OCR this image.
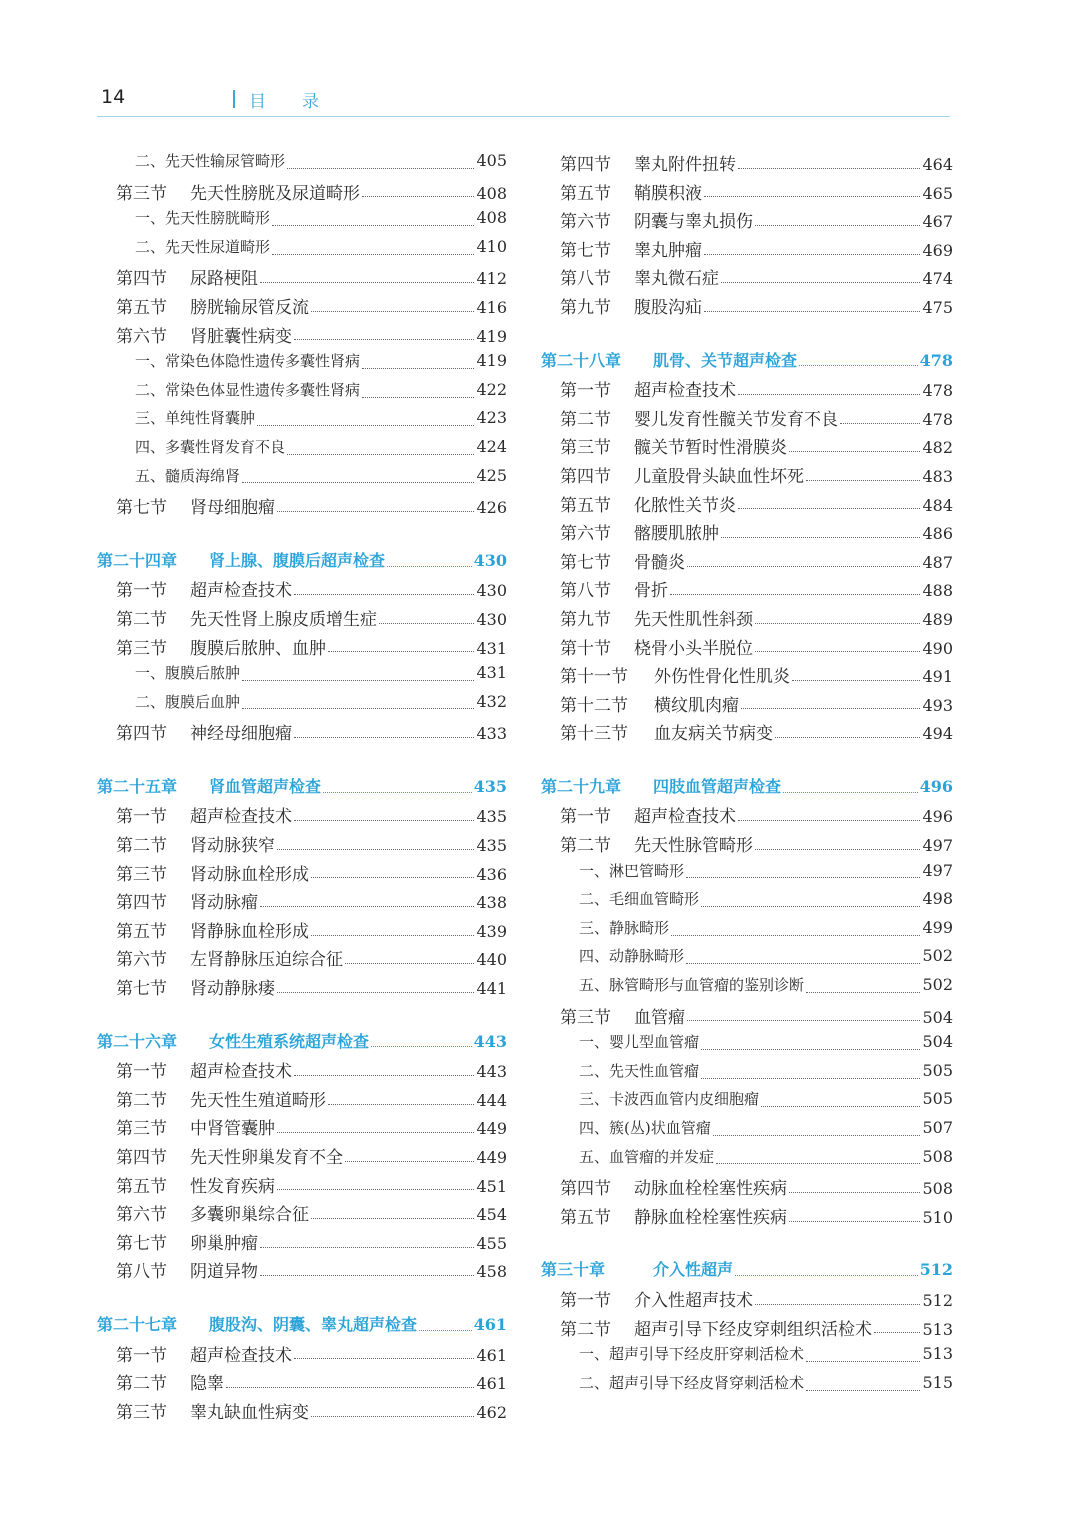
14	目录
二、先天性输尿管畸形	405
第三节	先天性膀胱及尿道畸形	408
一、先天性膀胱畸形	408
二、先天性尿道畸形	410
第四节	尿路梗阻	412
第五节	膀胱输尿管反流	416
第六节	肾脏囊性病变	419
一、常染色体隐性遗传多囊性肾病	419
二、常染色体显性遗传多囊性肾病	422
三、单纯性肾囊肿	423
四、多囊性肾发育不良	424
五、髓质海绵肾	425
第七节	肾母细胞瘤	426
第二十四章	肾上腺、腹膜后超声检查	430
第一节	超声检查技术	430
第二节	先天性肾上腺皮质增生症	430
第三节	腹膜后脓肿、血肿	431
一、腹膜后脓肿	431
二、腹膜后血肿	432
第四节	神经母细胞瘤	433
第二十五章	肾血管超声检查	435
第一节	超声检查技术	435
第二节	肾动脉狭窄	435
第三节	肾动脉血栓形成	436
第四节	肾动脉瘤	438
第五节	肾静脉血栓形成	439
第六节	左肾静脉压迫综合征	440
第七节	肾动静脉瘘	441
第二十六章	女性生殖系统超声检查	443
第一节	超声检查技术	443
第二节	先天性生殖道畸形	444
第三节	中肾管囊肿	449
第四节	先天性卵巢发育不全	449
第五节	性发育疾病	451
第六节	多囊卵巢综合征	454
第七节	卵巢肿瘤	455
第八节	阴道异物	458
第二十七章	腹股沟、阴囊、睾丸超声检查	461
第一节	超声检查技术	461
第二节	隐睾	461
第三节	睾丸缺血性病变	462
第四节	睾丸附件扭转	464
第五节	鞘膜积液	465
第六节	阴囊与睾丸损伤	467
第七节	睾丸肿瘤	469
第八节	睾丸微石症	474
第九节	腹股沟疝	475
第二十八章	肌骨、关节超声检查	478
第一节	超声检查技术	478
第二节	婴儿发育性髋关节发育不良	478
第三节	髋关节暂时性滑膜炎	482
第四节	儿童股骨头缺血性坏死	483
第五节	化脓性关节炎	484
第六节	髂腰肌脓肿	486
第七节	骨髓炎	487
第八节	骨折	488
第九节	先天性肌性斜颈	489
第十节	桡骨小头半脱位	490
第十一节	外伤性骨化性肌炎	491
第十二节	横纹肌肉瘤	493
第十三节	血友病关节病变	494
第二十九章	四肢血管超声检查	496
第一节	超声检查技术	496
第二节	先天性脉管畸形	497
一、淋巴管畸形	497
二、毛细血管畸形	498
三、静脉畸形	499
四、动静脉畸形	502
五、脉管畸形与血管瘤的鉴别诊断	502
第三节	血管瘤	504
一、婴儿型血管瘤	504
二、先天性血管瘤	505
三、卡波西血管内皮细胞瘤	505
四、簇(丛)状血管瘤	507
五、血管瘤的并发症	508
第四节	动脉血栓栓塞性疾病	508
第五节	静脉血栓栓塞性疾病	510
第三十章	介入性超声	512
第一节	介入性超声技术	512
第二节	超声引导下经皮穿刺组织活检术	513
一、超声引导下经皮肝穿刺活检术	513
二、超声引导下经皮肾穿刺活检术	515
